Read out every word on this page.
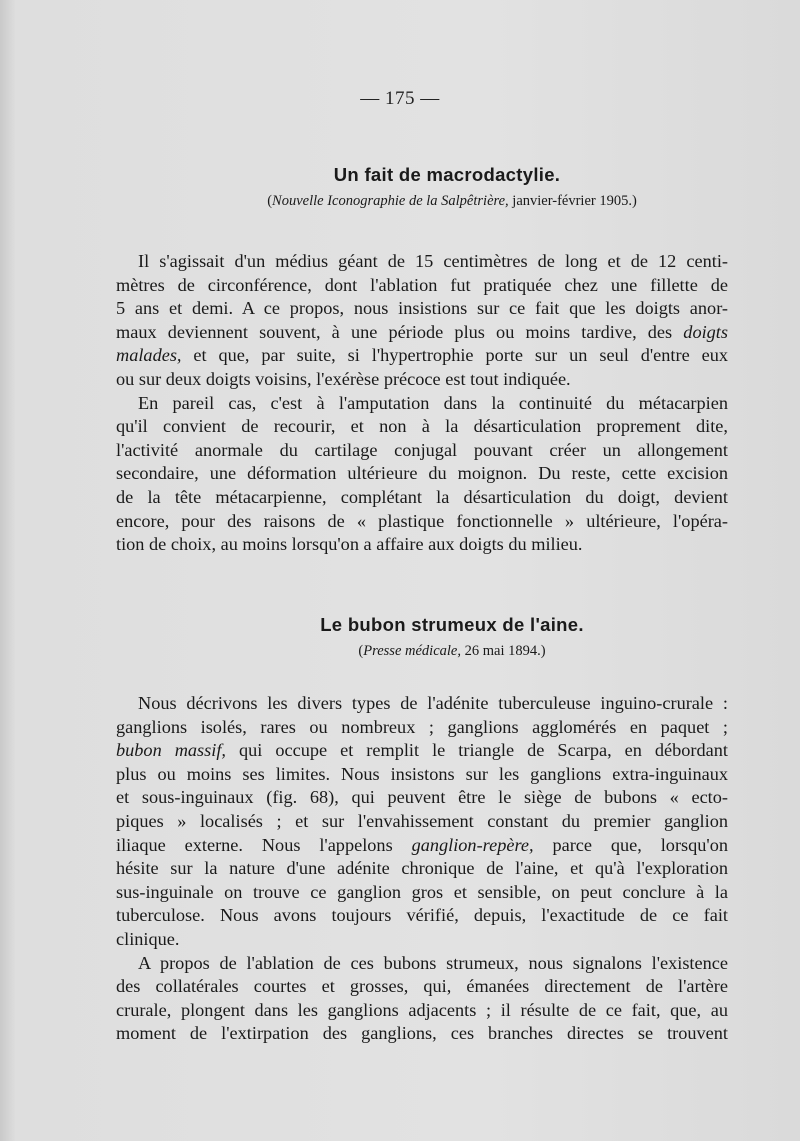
— 175 —
Un fait de macrodactylie.
(Nouvelle Iconographie de la Salpêtrière, janvier-février 1905.)
Il s'agissait d'un médius géant de 15 centimètres de long et de 12 centi-
mètres de circonférence, dont l'ablation fut pratiquée chez une fillette de
5 ans et demi. A ce propos, nous insistions sur ce fait que les doigts anor-
maux deviennent souvent, à une période plus ou moins tardive, des doigts
malades, et que, par suite, si l'hypertrophie porte sur un seul d'entre eux
ou sur deux doigts voisins, l'exérèse précoce est tout indiquée.
En pareil cas, c'est à l'amputation dans la continuité du métacarpien
qu'il convient de recourir, et non à la désarticulation proprement dite,
l'activité anormale du cartilage conjugal pouvant créer un allongement
secondaire, une déformation ultérieure du moignon. Du reste, cette excision
de la tête métacarpienne, complétant la désarticulation du doigt, devient
encore, pour des raisons de « plastique fonctionnelle » ultérieure, l'opéra-
tion de choix, au moins lorsqu'on a affaire aux doigts du milieu.
Le bubon strumeux de l'aine.
(Presse médicale, 26 mai 1894.)
Nous décrivons les divers types de l'adénite tuberculeuse inguino-crurale :
ganglions isolés, rares ou nombreux ; ganglions agglomérés en paquet ;
bubon massif, qui occupe et remplit le triangle de Scarpa, en débordant
plus ou moins ses limites. Nous insistons sur les ganglions extra-inguinaux
et sous-inguinaux (fig. 68), qui peuvent être le siège de bubons « ecto-
piques » localisés ; et sur l'envahissement constant du premier ganglion
iliaque externe. Nous l'appelons ganglion-repère, parce que, lorsqu'on
hésite sur la nature d'une adénite chronique de l'aine, et qu'à l'exploration
sus-inguinale on trouve ce ganglion gros et sensible, on peut conclure à la
tuberculose. Nous avons toujours vérifié, depuis, l'exactitude de ce fait
clinique.
A propos de l'ablation de ces bubons strumeux, nous signalons l'existence
des collatérales courtes et grosses, qui, émanées directement de l'artère
crurale, plongent dans les ganglions adjacents ; il résulte de ce fait, que, au
moment de l'extirpation des ganglions, ces branches directes se trouvent
